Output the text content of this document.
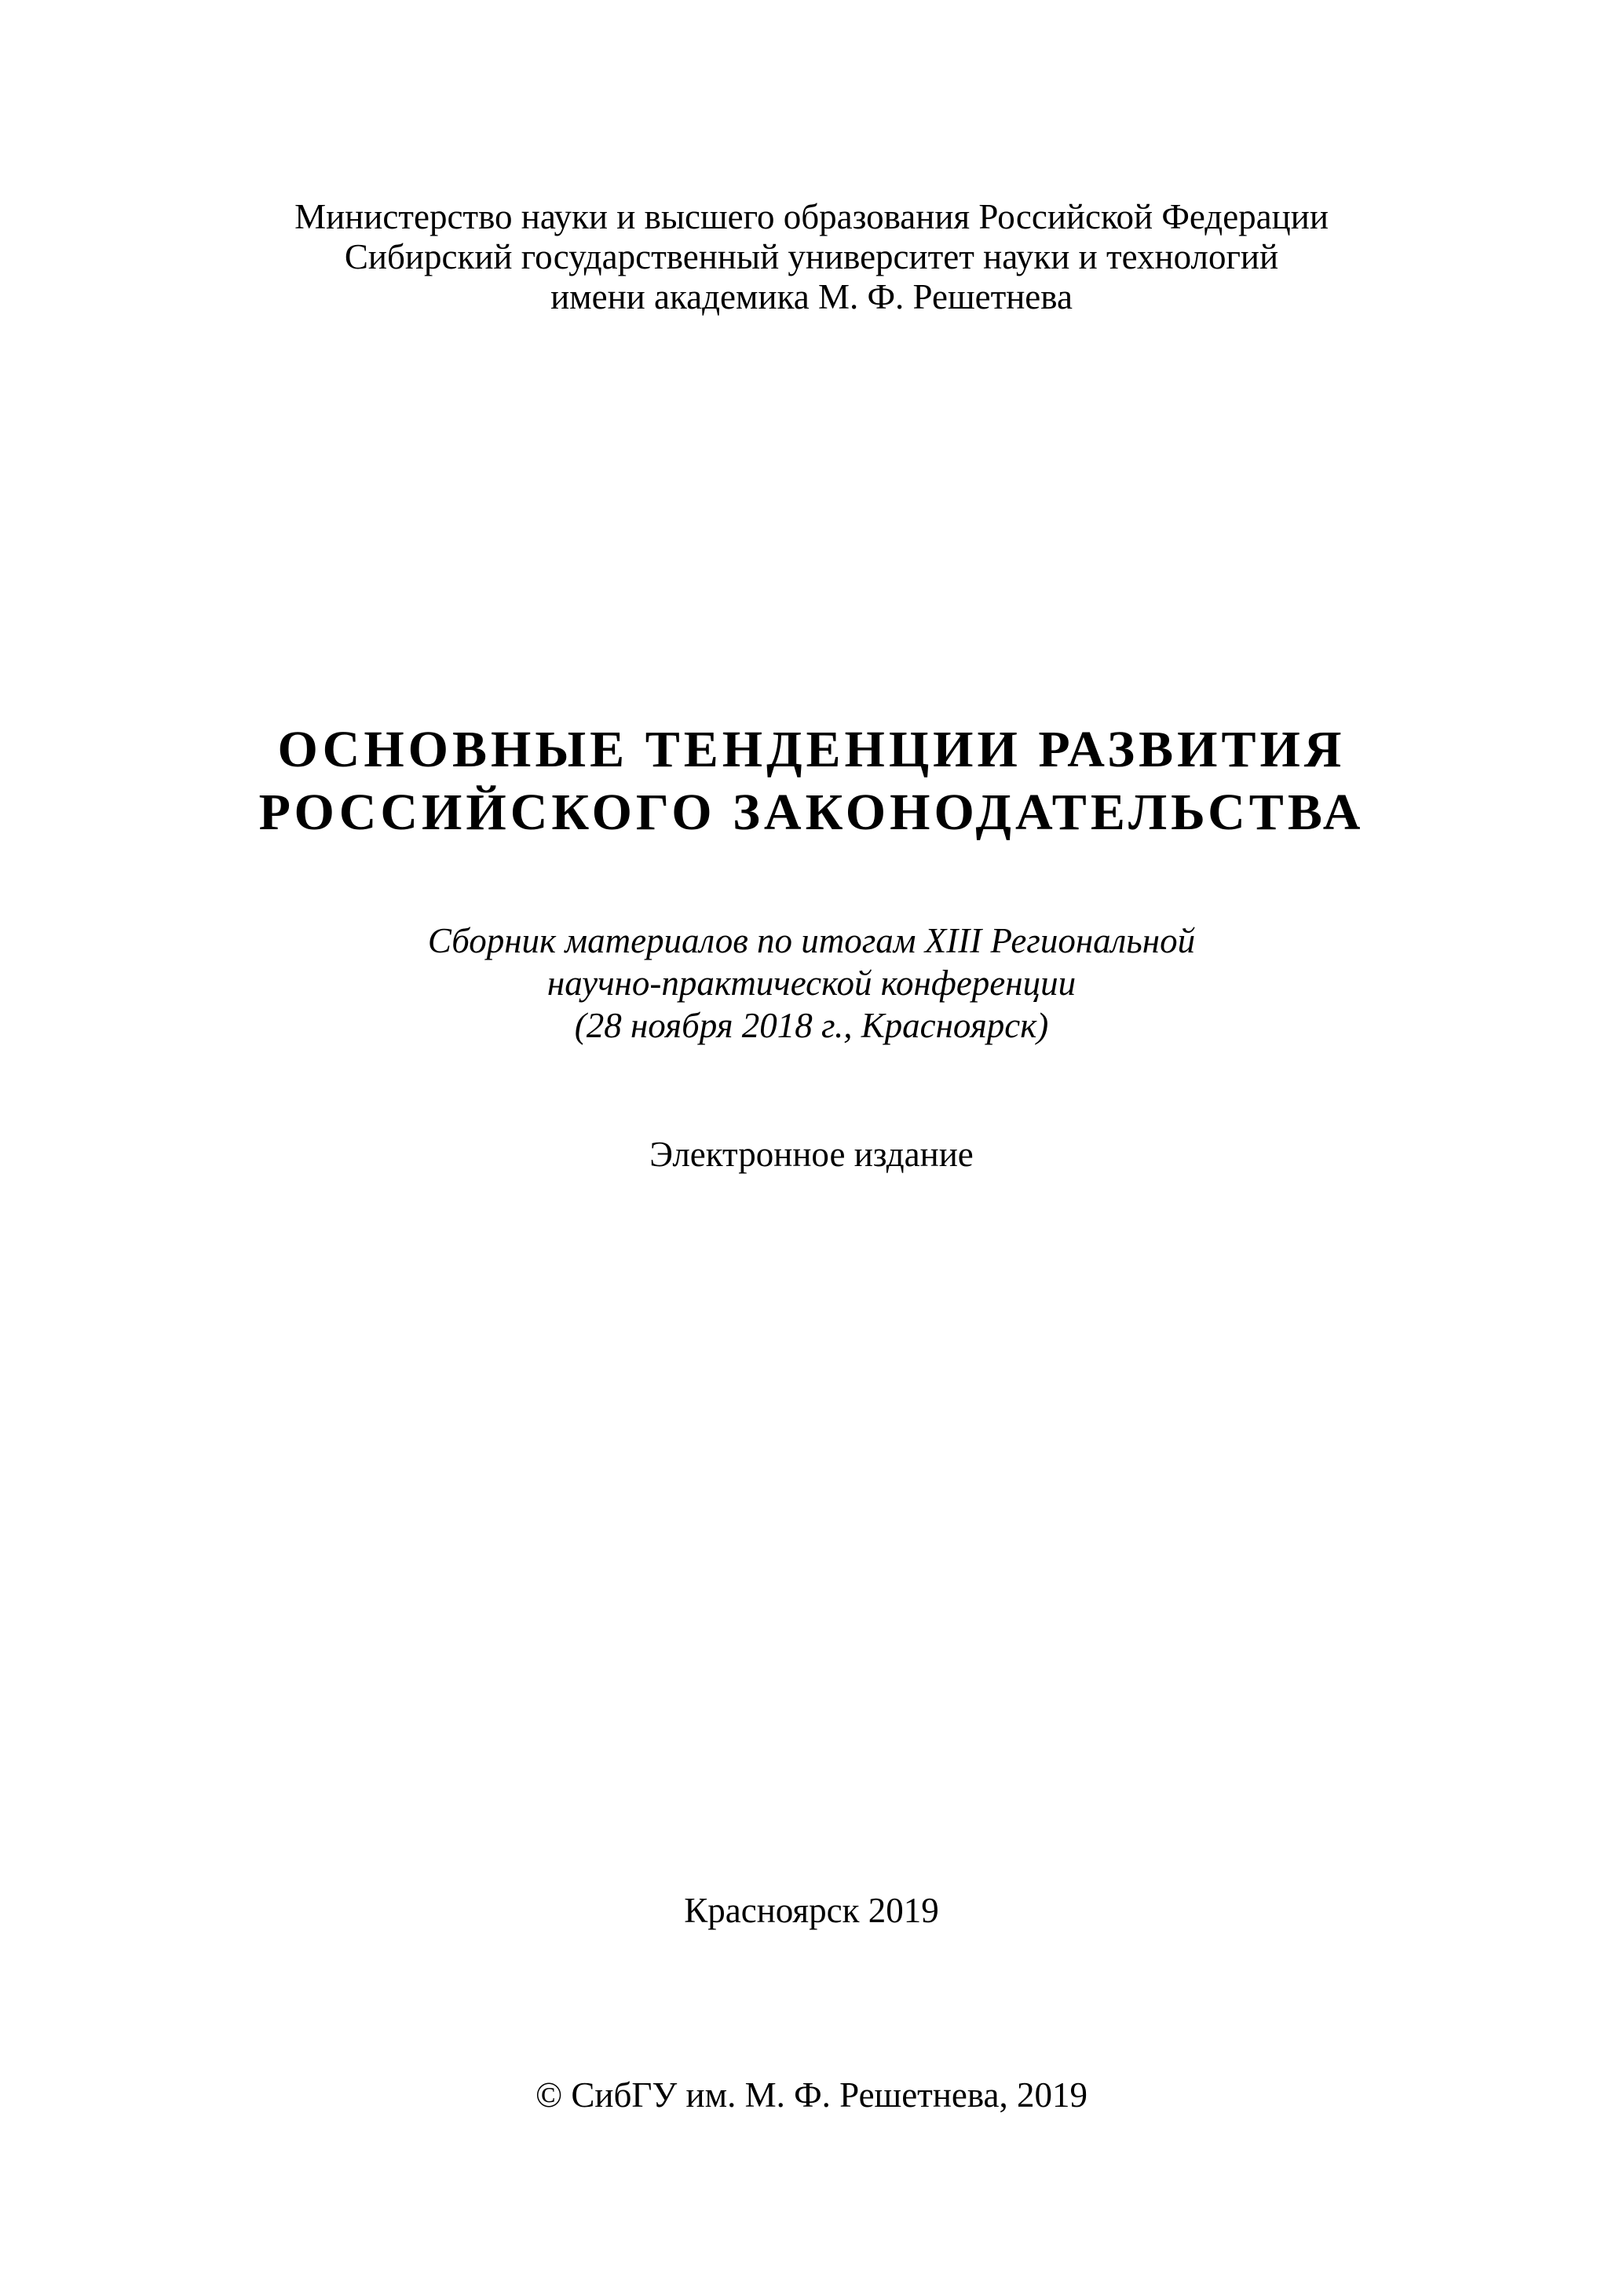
Министерство науки и высшего образования Российской Федерации
Сибирский государственный университет науки и технологий
имени академика М. Ф. Решетнева
ОСНОВНЫЕ ТЕНДЕНЦИИ РАЗВИТИЯ
РОССИЙСКОГО ЗАКОНОДАТЕЛЬСТВА
Сборник материалов по итогам XIII Региональной
научно-практической конференции
(28 ноября 2018 г., Красноярск)
Электронное издание
Красноярск 2019
© СибГУ им. М. Ф. Решетнева, 2019
